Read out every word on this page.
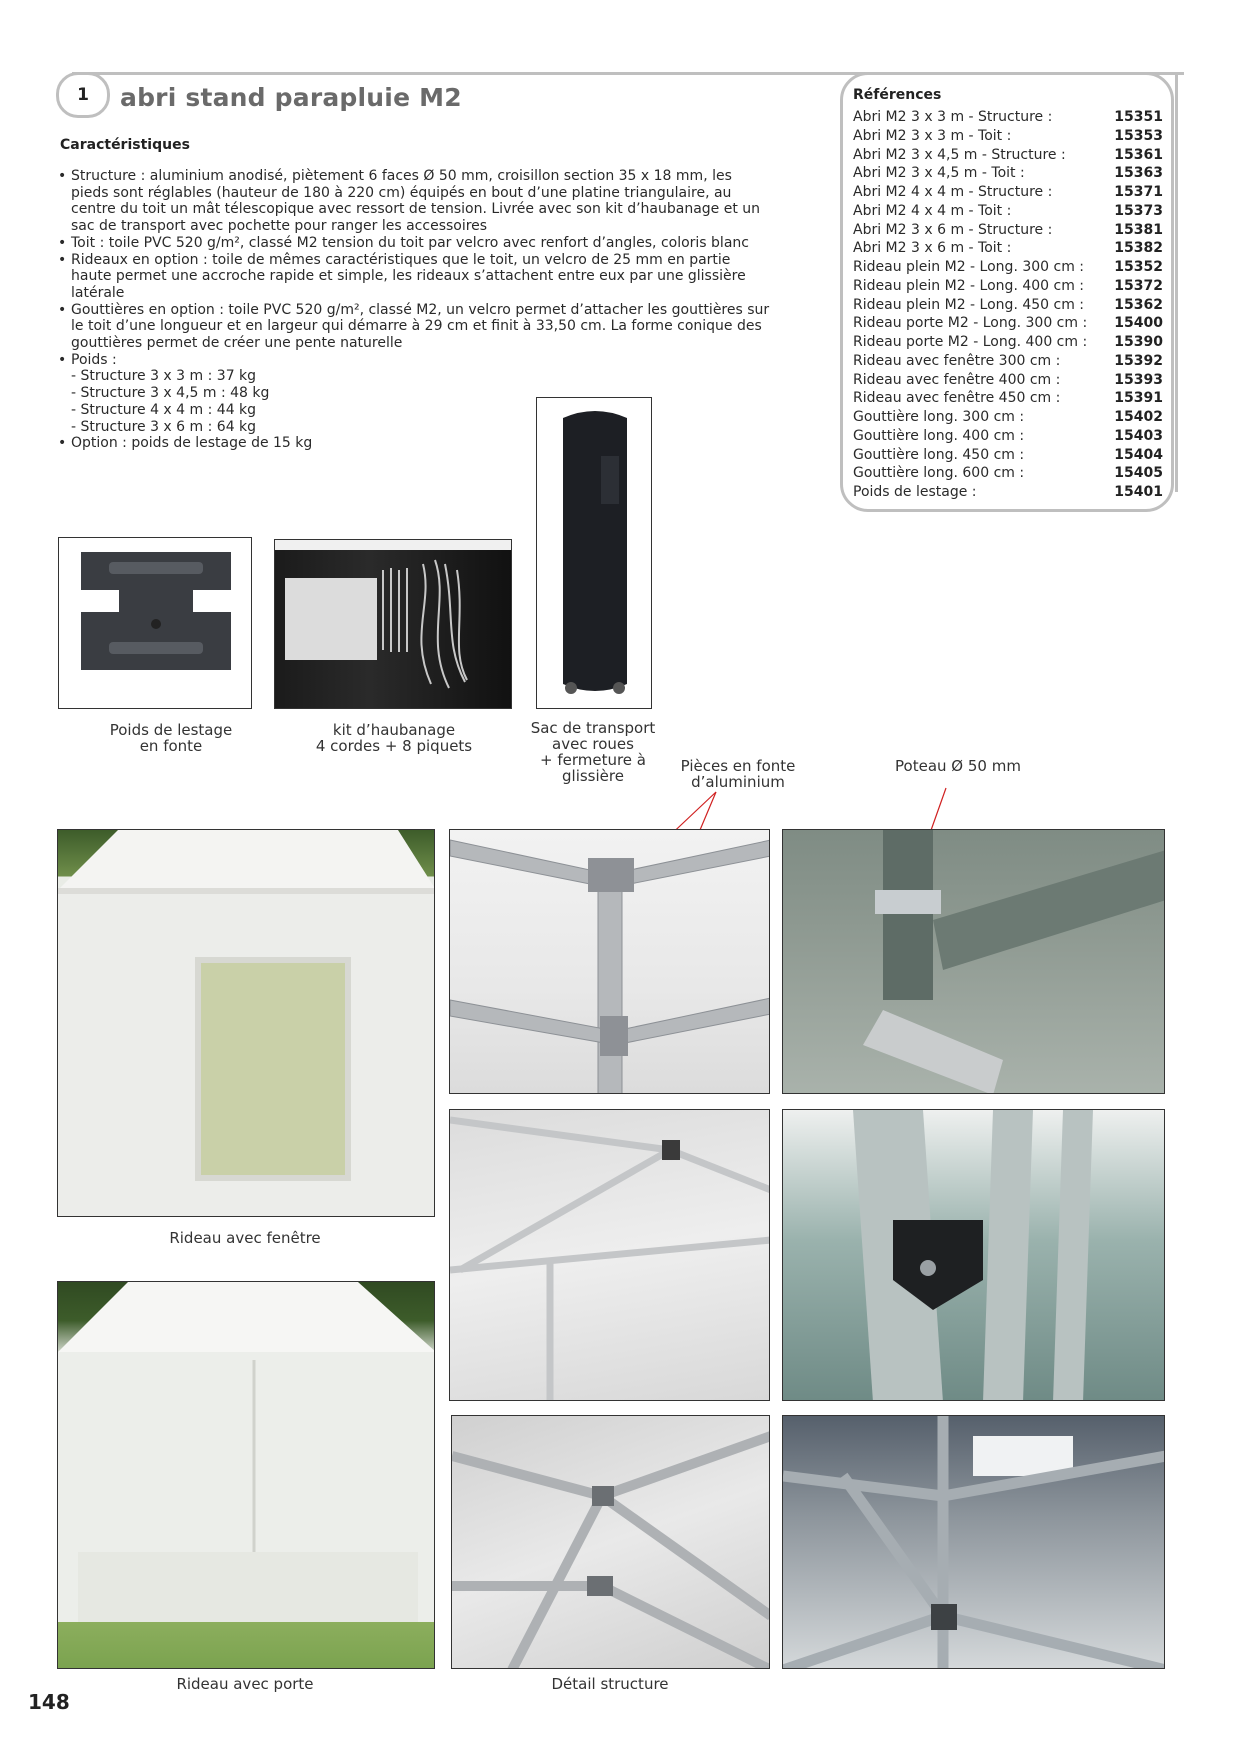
1	abri stand parapluie M2
Caractéristiques
• Structure : aluminium anodisé, piètement 6 faces Ø 50 mm, croisillon section 35 x 18 mm, les pieds sont réglables (hauteur de 180 à 220 cm) équipés en bout d’une platine triangulaire, au centre du toit un mât télescopique avec ressort de tension. Livrée avec son kit d’haubanage et un sac de transport avec pochette pour ranger les accessoires
• Toit : toile PVC 520 g/m², classé M2 tension du toit par velcro avec renfort d’angles, coloris blanc
• Rideaux en option : toile de mêmes caractéristiques que le toit, un velcro de 25 mm en partie haute permet une accroche rapide et simple, les rideaux s’attachent entre eux par une glissière latérale
• Gouttières en option : toile PVC 520 g/m², classé M2, un velcro permet d’attacher les gouttières sur le toit d’une longueur et en largeur qui démarre à 29 cm et finit à 33,50 cm. La forme conique des gouttières permet de créer une pente naturelle
• Poids :
- Structure 3 x 3 m : 37 kg
- Structure 3 x 4,5 m : 48 kg
- Structure 4 x 4 m : 44 kg
- Structure 3 x 6 m : 64 kg
• Option : poids de lestage de 15 kg
Références
Abri M2 3 x 3 m - Structure :	15351
Abri M2 3 x 3 m - Toit :	15353
Abri M2 3 x 4,5 m - Structure :	15361
Abri M2 3 x 4,5 m - Toit :	15363
Abri M2 4 x 4 m - Structure :	15371
Abri M2 4 x 4 m - Toit :	15373
Abri M2 3 x 6 m - Structure :	15381
Abri M2 3 x 6 m - Toit :	15382
Rideau plein M2 - Long. 300 cm : 15352
Rideau plein M2 - Long. 400 cm : 15372
Rideau plein M2 - Long. 450 cm : 15362
Rideau porte M2 - Long. 300 cm : 15400
Rideau porte M2 - Long. 400 cm : 15390
Rideau avec fenêtre 300 cm :	15392
Rideau avec fenêtre 400 cm :	15393
Rideau avec fenêtre 450 cm :	15391
Gouttière long. 300 cm :	15402
Gouttière long. 400 cm :	15403
Gouttière long. 450 cm :	15404
Gouttière long. 600 cm :	15405
Poids de lestage :	15401
Poids de lestage
en fonte
kit d’haubanage
4 cordes + 8 piquets
Sac de transport
avec roues
+ fermeture à
glissière
Pièces en fonte
d’aluminium
Poteau Ø 50 mm
Rideau avec fenêtre
Rideau avec porte	Détail structure
148
